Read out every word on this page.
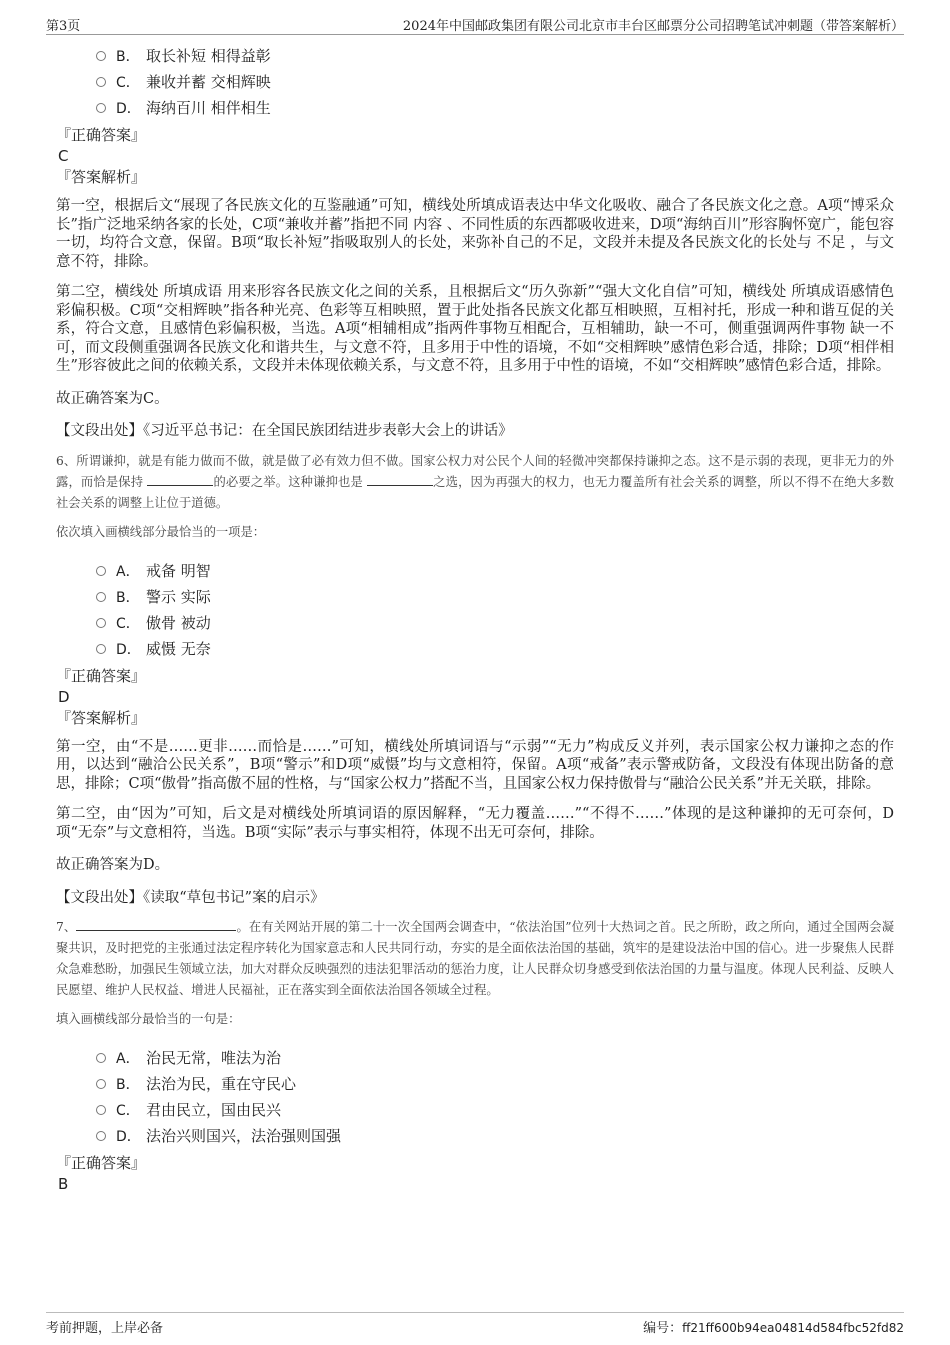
第3页	2024年中国邮政集团有限公司北京市丰台区邮票分公司招聘笔试冲刺题（带答案解析）
B． 取长补短 相得益彰
C． 兼收并蓄 交相辉映
D． 海纳百川 相伴相生

『正确答案』

C

『答案解析』

第一空，根据后文“展现了各民族文化的互鉴融通”可知，横线处所填成语表达中华文化吸收、融合了各民族文化之意。A项“博采众长”指广泛地采纳各家的长处，C项“兼收并蓄”指把不同 内容 、不同性质的东西都吸收进来，D项“海纳百川”形容胸怀宽广，能包容一切，均符合文意，保留。B项“取长补短”指吸取别人的长处，来弥补自己的不足，文段并未提及各民族文化的长处与 不足 ，与文意不符，排除。

第二空，横线处 所填成语 用来形容各民族文化之间的关系，且根据后文“历久弥新”“强大文化自信”可知，横线处 所填成语感情色彩偏积极。C项“交相辉映”指各种光亮、色彩等互相映照，置于此处指各民族文化都互相映照，互相衬托，形成一种和谐互促的关系，符合文意，且感情色彩偏积极，当选。A项“相辅相成”指两件事物互相配合，互相辅助，缺一不可，侧重强调两件事物 缺一不可，而文段侧重强调各民族文化和谐共生，与文意不符，且多用于中性的语境，不如“交相辉映”感情色彩合适，排除；D项“相伴相生”形容彼此之间的依赖关系，文段并未体现依赖关系，与文意不符，且多用于中性的语境，不如“交相辉映”感情色彩合适，排除。

故正确答案为C。

【文段出处】《习近平总书记：在全国民族团结进步表彰大会上的讲话》

6、所谓谦抑，就是有能力做而不做，就是做了必有效力但不做。国家公权力对公民个人间的轻微冲突都保持谦抑之态。这不是示弱的表现，更非无力的外露，而恰是保持	的必要之举。这种谦抑也是	之选，因为再强大的权力，也无力覆盖所有社会关系的调整，所以不得不在绝大多数社会关系的调整上让位于道德。

依次填入画横线部分最恰当的一项是：

A． 戒备 明智
B． 警示 实际
C． 傲骨 被动
D． 威慑 无奈

『正确答案』

D

『答案解析』

第一空，由“不是……更非……而恰是……”可知，横线处所填词语与“示弱”“无力”构成反义并列，表示国家公权力谦抑之态的作用，以达到“融洽公民关系”，B项“警示”和D项“威慑”均与文意相符，保留。A项“戒备”表示警戒防备，文段没有体现出防备的意思，排除；C项“傲骨”指高傲不屈的性格，与“国家公权力”搭配不当，且国家公权力保持傲骨与“融洽公民关系”并无关联，排除。

第二空，由“因为”可知，后文是对横线处所填词语的原因解释，“无力覆盖……”“不得不……”体现的是这种谦抑的无可奈何，D项“无奈”与文意相符，当选。B项“实际”表示与事实相符，体现不出无可奈何，排除。

故正确答案为D。

【文段出处】《读取“草包书记”案的启示》

7、	。在有关网站开展的第二十一次全国两会调查中，“依法治国”位列十大热词之首。民之所盼，政之所向，通过全国两会凝聚共识，及时把党的主张通过法定程序转化为国家意志和人民共同行动，夯实的是全面依法治国的基础，筑牢的是建设法治中国的信心。进一步聚焦人民群众急难愁盼，加强民生领域立法，加大对群众反映强烈的违法犯罪活动的惩治力度，让人民群众切身感受到依法治国的力量与温度。体现人民利益、反映人民愿望、维护人民权益、增进人民福祉，正在落实到全面依法治国各领域全过程。

填入画横线部分最恰当的一句是：

A． 治民无常，唯法为治
B． 法治为民，重在守民心
C． 君由民立，国由民兴
D． 法治兴则国兴，法治强则国强

『正确答案』

B

考前押题，上岸必备	编号：ff21ff600b94ea04814d584fbc52fd82
